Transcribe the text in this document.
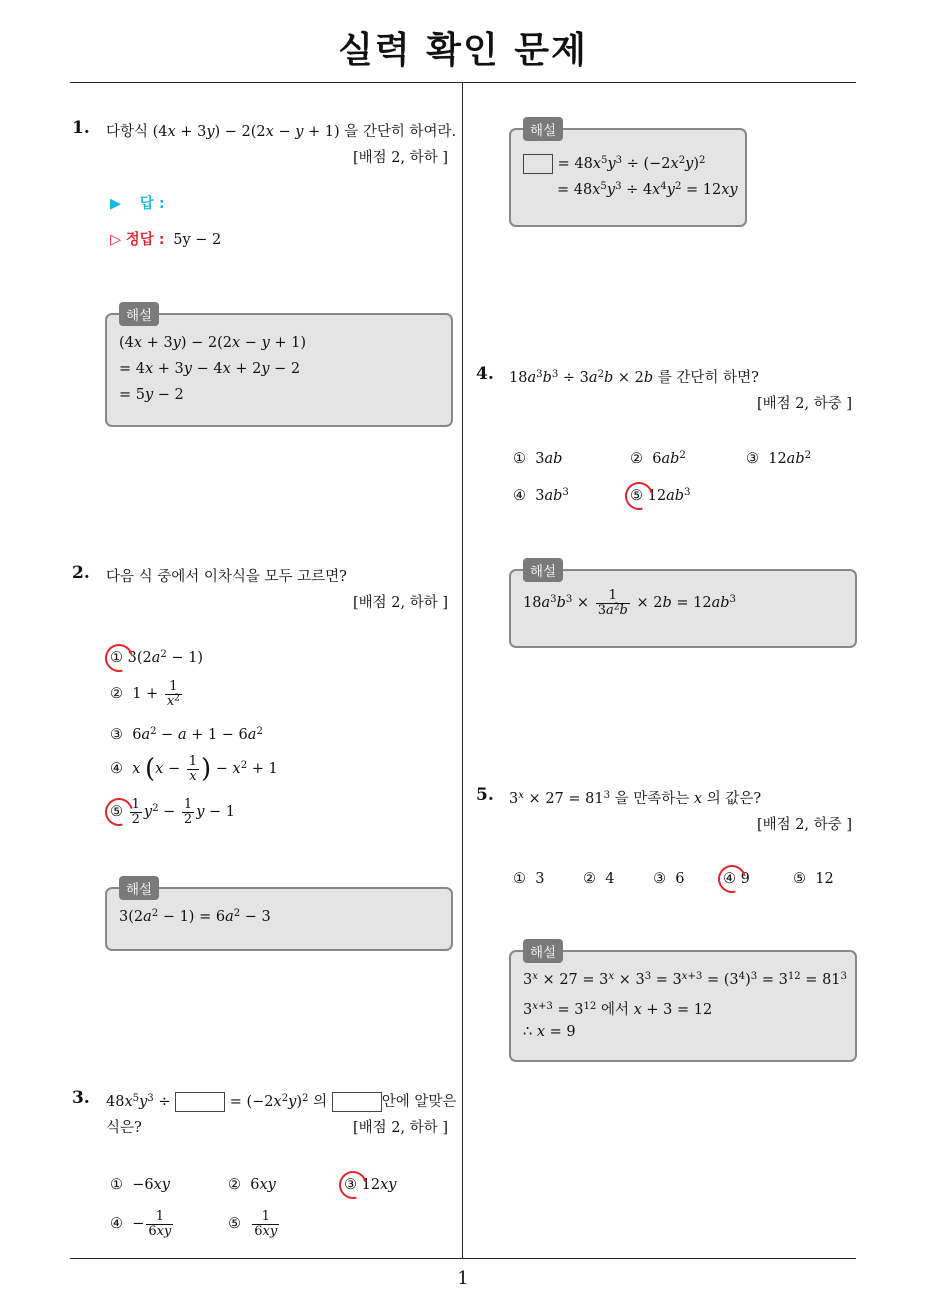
실력 확인 문제
1
1. 다항식 (4x + 3y) − 2(2x − y + 1) 을 간단히 하여라.
[배점 2, 하하 ]
▶ 답 :
▷ 정답 : 5y − 2
해설
(4x + 3y) − 2(2x − y + 1)
= 4x + 3y − 4x + 2y − 2
= 5y − 2
2. 다음 식 중에서 이차식을 모두 고르면?
[배점 2, 하하 ]
① $3(2a^2 - 1)$
②  $1 + \frac{1}{x^2}$
③  $6a^2 - a + 1 - 6a^2$
④ x ($x - \frac{1}{x}$ ) − $x^2 + 1$
⑤ $\frac{1}{2} y^2 - \frac{1}{2}$ y − 1
해설
$3(2a^2 - 1) = 6a^2 - 3$
3. $48x^5y^3$ ÷	= $(-2x^2y)^2$ 의	안에 알맞은
식은?	[배점 2, 하하 ]
①  −6xy	②  6xy	③ 12xy
④  − $\frac{1}{6xy}$	⑤ $\frac{1}{6xy}$
해설
= $48x^5y^3 \div (-2x^2y)^2$
= $48x^5y^3 \div 4x^4y^2 = 12xy$
4. $18a^3b^3 \div 3a^2b \times 2b$ 를 간단히 하면?
[배점 2, 하중 ]
①  3ab	②  $6ab^2$	③  $12ab^2$
④  $3ab^3$	⑤ $12ab^3$
해설
$18a^3b^3 \times \frac{1}{3a^2b} \times 2b = 12ab^3$
5. $3^x \times 27 = 81^3$ 을 만족하는 x 의 값은?
[배점 2, 하중 ]
① 3	② 4	③ 6	④ 9	⑤ 12
해설
$3^x \times 27 = 3^x \times 3^3 = 3^{x+3} = (3^4)^3 = 3^{12} = 81^3$
$3^{x+3} = 3^{12}$ 에서 x + 3 = 12
∴ x = 9
